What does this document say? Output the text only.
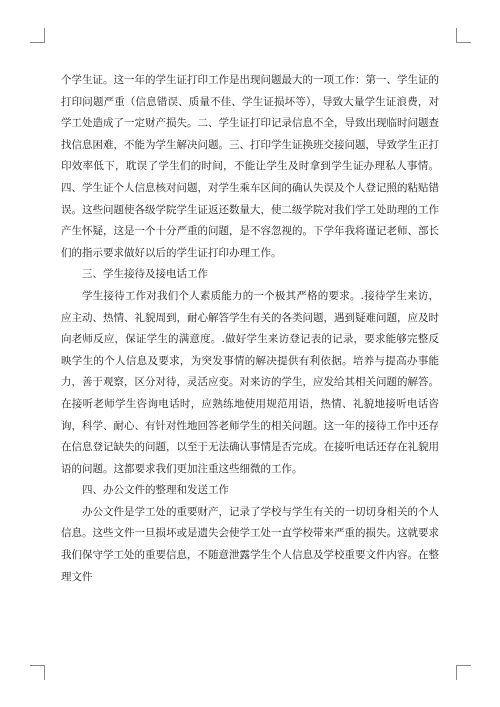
个学生证。这一年的学生证打印工作是出现问题最大的一项工作：第一、学生证的打印问题严重（信息错误、质量不佳、学生证损坏等），导致大量学生证浪费，对学工处造成了一定财产损失。二、学生证打印记录信息不全，导致出现临时问题查找信息困难，不能为学生解决问题。三、打印学生证换班交接问题，导致学生正打印效率低下，耽误了学生们的时间，不能让学生及时拿到学生证办理私人事情。四、学生证个人信息核对问题，对学生乘车区间的确认失误及个人登记照的粘贴错误。这些问题使各级学院学生证返还数量大，使二级学院对我们学工处助理的工作产生怀疑，这是一个十分严重的问题，是不容忽视的。下学年我将谨记老师、部长们的指示要求做好以后的学生证打印办理工作。

三、学生接待及接电话工作

学生接待工作对我们个人素质能力的一个极其严格的要求。.接待学生来访，应主动、热情、礼貌周到，耐心解答学生有关的各类问题，遇到疑难问题，应及时向老师反应，保证学生的满意度。.做好学生来访登记表的记录，要求能够完整反映学生的个人信息及要求，为突发事情的解决提供有利依据。培养与提高办事能力，善于观察，区分对待，灵活应变。对来访的学生，应发给其相关问题的解答。在接听老师学生咨询电话时，应熟练地使用规范用语，热情、礼貌地接听电话咨询，科学、耐心、有针对性地回答老师学生的相关问题。这一年的接待工作中还存在信息登记缺失的问题，以至于无法确认事情是否完成。在接听电话还存在礼貌用语的问题。这都要求我们更加注重这些细微的工作。

四、办公文件的整理和发送工作

办公文件是学工处的重要财产，记录了学校与学生有关的一切切身相关的个人信息。这些文件一旦损坏或是遗失会使学工处一直学校带来严重的损失。这就要求我们保守学工处的重要信息，不随意泄露学生个人信息及学校重要文件内容。在整理文件
